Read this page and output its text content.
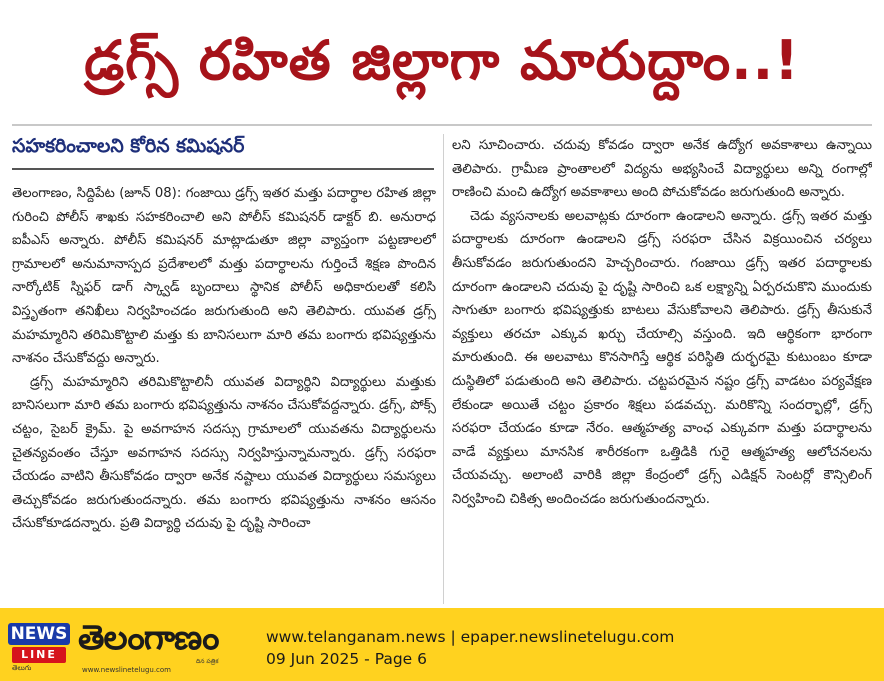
డ్రగ్స్ రహిత జిల్లాగా మారుద్దాం..!
సహకరించాలని కోరిన కమిషనర్

తెలంగాణం, సిద్దిపేట (జూన్ 08): గంజాయి డ్రగ్స్ ఇతర మత్తు పదార్థాల రహిత జిల్లా గురించి పోలీస్ శాఖకు సహకరించాలి అని పోలీస్ కమిషనర్ డాక్టర్ బి. అనురాధ ఐపీఎస్ అన్నారు. పోలీస్ కమిషనర్ మాట్లాడుతూ జిల్లా వ్యాప్తంగా పట్టణాలలో గ్రామాలలో అనుమానాస్పద ప్రదేశాలలో మత్తు పదార్థాలను గుర్తించే శిక్షణ పొందిన నార్కోటిక్ స్నిఫర్ డాగ్ స్క్వాడ్ బృందాలు స్థానిక పోలీస్ అధికారులతో కలిసి విస్తృతంగా తనిఖీలు నిర్వహించడం జరుగుతుంది అని తెలిపారు. యువత డ్రగ్స్ మహమ్మారిని తరిమికొట్టాలి మత్తు కు బానిసలుగా మారి తమ బంగారు భవిష్యత్తును నాశనం చేసుకోవద్దు అన్నారు.

డ్రగ్స్ మహమ్మారిని తరిమికొట్టాలినీ యువత విద్యార్థిని విద్యార్థులు మత్తుకు బానిసలుగా మారి తమ బంగారు భవిష్యత్తును నాశనం చేసుకోవద్దన్నారు. డ్రగ్స్, పోక్స్ చట్టం, సైబర్ క్రైమ్. పై అవగాహన సదస్సు గ్రామాలలో యువతను విద్యార్థులను చైతన్యవంతం చేస్తూ అవగాహన సదస్సు నిర్వహిస్తున్నామన్నారు. డ్రగ్స్ సరఫరా చేయడం వాటిని తీసుకోవడం ద్వారా అనేక నష్టాలు యువత విద్యార్థులు సమస్యలు తెచ్చుకోవడం జరుగుతుందన్నారు. తమ బంగారు భవిష్యత్తును నాశనం ఆసనం చేసుకోకూడదన్నారు. ప్రతి విద్యార్థి చదువు పై దృష్టి సారించా

లని సూచించారు. చదువు కోవడం ద్వారా అనేక ఉద్యోగ అవకాశాలు ఉన్నాయి తెలిపారు. గ్రామీణ ప్రాంతాలలో విద్యను అభ్యసించే విద్యార్థులు అన్ని రంగాల్లో రాణించి మంచి ఉద్యోగ అవకాశాలు అంది పోచుకోవడం జరుగుతుంది అన్నారు.

చెడు వ్యసనాలకు అలవాట్లకు దూరంగా ఉండాలని అన్నారు. డ్రగ్స్ ఇతర మత్తు పదార్థాలకు దూరంగా ఉండాలని డ్రగ్స్ సరఫరా చేసిన విక్రయించిన చర్యలు తీసుకోవడం జరుగుతుందని హెచ్చరించారు. గంజాయి డ్రగ్స్ ఇతర పదార్థాలకు దూరంగా ఉండాలని చదువు పై దృష్టి సారించి ఒక లక్ష్యాన్ని ఏర్పరచుకొని ముందుకు సాగుతూ బంగారు భవిష్యత్తుకు బాటలు వేసుకోవాలని తెలిపారు. డ్రగ్స్ తీసుకునే వ్యక్తులు తరచూ ఎక్కువ ఖర్చు చేయాల్సి వస్తుంది. ఇది ఆర్థికంగా భారంగా మారుతుంది. ఈ అలవాటు కొనసాగిస్తే ఆర్థిక పరిస్థితి దుర్భరమై కుటుంబం కూడా దుస్థితిలో పడుతుంది అని తెలిపారు. చట్టపరమైన నష్టం డ్రగ్స్ వాడటం పర్యవేక్షణ లేకుండా అయితే చట్టం ప్రకారం శిక్షలు పడవచ్చు. మరికొన్ని సందర్భాల్లో, డ్రగ్స్ సరఫరా చేయడం కూడా నేరం. ఆత్మహత్య వాంఛ ఎక్కువగా మత్తు పదార్థాలను వాడే వ్యక్తులు మానసిక శారీరకంగా ఒత్తిడికి గురై ఆత్మహత్య ఆలోచనలను చేయవచ్చు. అలాంటి వారికి జిల్లా కేంద్రంలో డ్రగ్స్ ఎడిక్షన్ సెంటర్లో కౌన్సిలింగ్ నిర్వహించి చికిత్స అందించడం జరుగుతుందన్నారు.

NEWS
LINE
తెలుగు
తెలంగాణం
దిన పత్రిక
www.newslinetelugu.com
www.telanganam.news | epaper.newslinetelugu.com
09 Jun 2025 - Page 6
